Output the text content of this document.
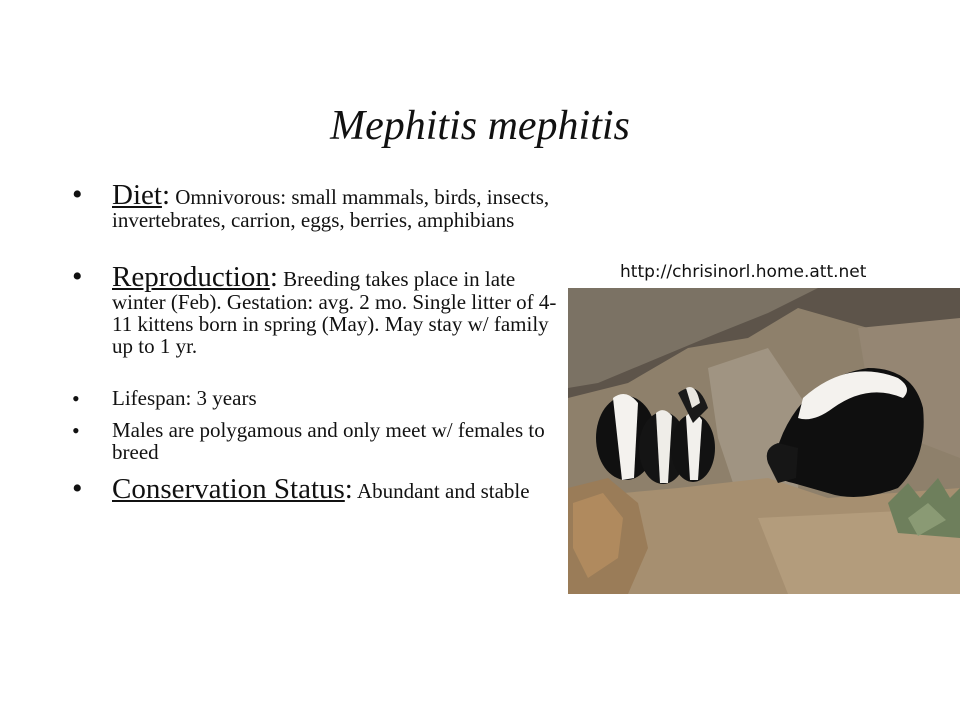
Mephitis mephitis
• Diet: Omnivorous: small mammals, birds, insects, invertebrates, carrion, eggs, berries, amphibians
• Reproduction: Breeding takes place in late winter (Feb). Gestation: avg. 2 mo. Single litter of 4-11 kittens born in spring (May). May stay w/ family up to 1 yr.
• Lifespan: 3 years
• Males are polygamous and only meet w/ females to breed
• Conservation Status: Abundant and stable
http://chrisinorl.home.att.net
